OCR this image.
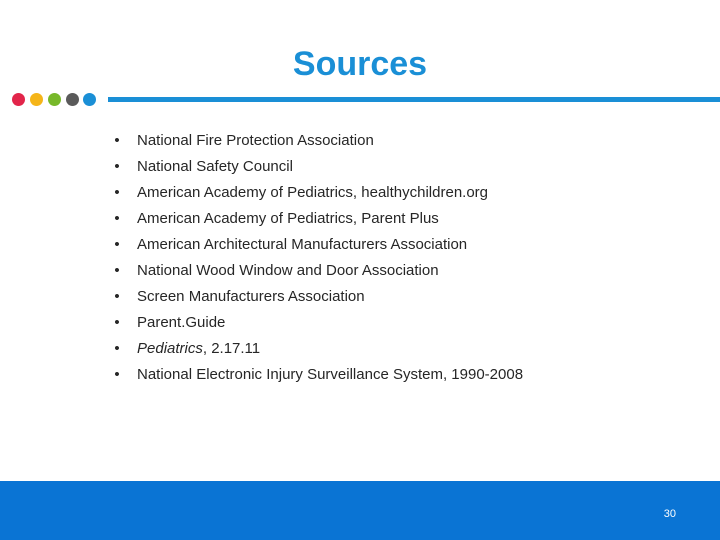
Sources
• National Fire Protection Association
• National Safety Council
• American Academy of Pediatrics, healthychildren.org
• American Academy of Pediatrics, Parent Plus
• American Architectural Manufacturers Association
• National Wood Window and Door Association
• Screen Manufacturers Association
• Parent.Guide
• Pediatrics, 2.17.11
• National Electronic Injury Surveillance System, 1990-2008
30
